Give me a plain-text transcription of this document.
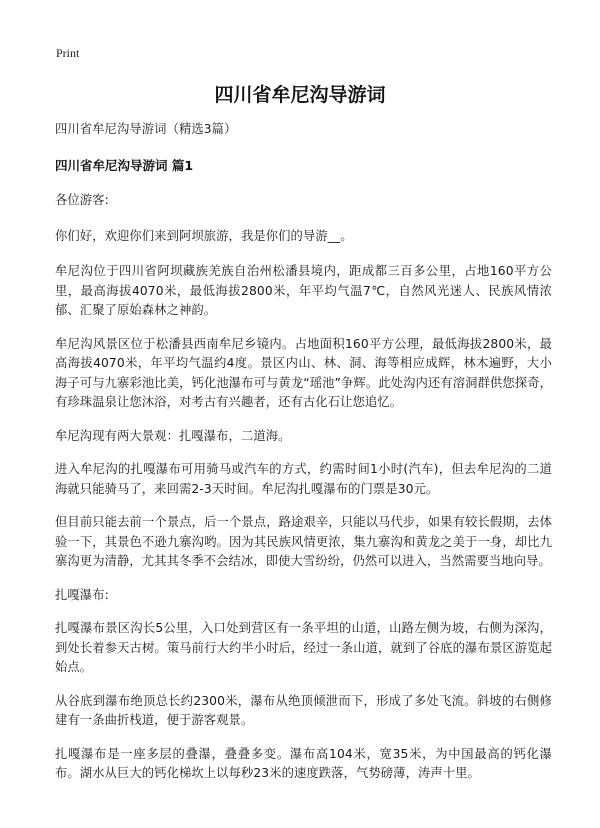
Print
四川省牟尼沟导游词

四川省牟尼沟导游词（精选3篇）

四川省牟尼沟导游词 篇1

各位游客:

你们好，欢迎你们来到阿坝旅游，我是你们的导游__。

牟尼沟位于四川省阿坝藏族羌族自治州松潘县境内，距成都三百多公里，占地160平方公里，最高海拔4070米，最低海拔2800米，年平均气温7℃，自然风光迷人、民族风情浓郁、汇聚了原始森林之神韵。

牟尼沟风景区位于松潘县西南牟尼乡镜内。占地面积160平方公理，最低海拔2800米，最高海拔4070米，年平均气温约4度。景区内山、林、洞、海等相应成辉，林木遍野，大小海子可与九寨彩池比美，钙化池瀑布可与黄龙“瑶池”争辉。此处沟内还有溶洞群供您探奇，有珍珠温泉让您沐浴，对考古有兴趣者，还有古化石让您追忆。

牟尼沟现有两大景观：扎嘎瀑布，二道海。

进入牟尼沟的扎嘎瀑布可用骑马或汽车的方式，约需时间1小时(汽车)，但去牟尼沟的二道海就只能骑马了，来回需2-3天时间。牟尼沟扎嘎瀑布的门票是30元。

但目前只能去前一个景点，后一个景点，路途艰辛，只能以马代步，如果有较长假期，去体验一下，其景色不逊九寨沟哟。因为其民族风情更浓，集九寨沟和黄龙之美于一身，却比九寨沟更为清静，尤其其冬季不会结冰，即使大雪纷纷，仍然可以进入，当然需要当地向导。

扎嘎瀑布:

扎嘎瀑布景区沟长5公里，入口处到营区有一条平坦的山道，山路左侧为坡，右侧为深沟，到处长着参天古树。策马前行大约半小时后，经过一条山道，就到了谷底的瀑布景区游览起始点。

从谷底到瀑布绝顶总长约2300米，瀑布从绝顶倾泄而下，形成了多处飞流。斜坡的右侧修建有一条曲折栈道，便于游客观景。

扎嘎瀑布是一座多层的叠瀑，叠叠多变。瀑布高104米，宽35米，为中国最高的钙化瀑布。湖水从巨大的钙化梯坎上以每秒23米的速度跌落，气势磅薄，涛声十里。
